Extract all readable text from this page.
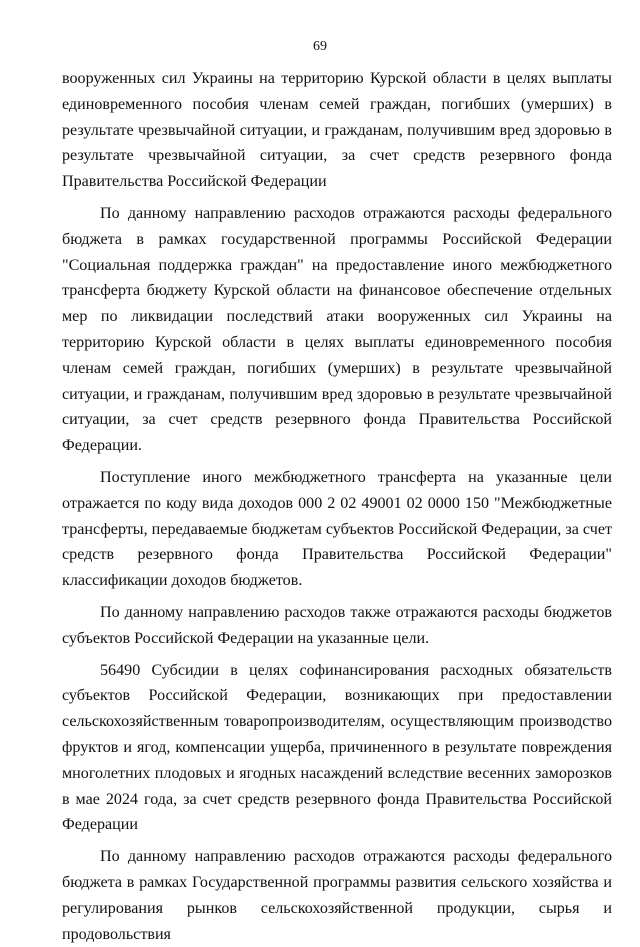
69

вооруженных сил Украины на территорию Курской области в целях выплаты единовременного пособия членам семей граждан, погибших (умерших) в результате чрезвычайной ситуации, и гражданам, получившим вред здоровью в результате чрезвычайной ситуации, за счет средств резервного фонда Правительства Российской Федерации

По данному направлению расходов отражаются расходы федерального бюджета в рамках государственной программы Российской Федерации "Социальная поддержка граждан" на предоставление иного межбюджетного трансферта бюджету Курской области на финансовое обеспечение отдельных мер по ликвидации последствий атаки вооруженных сил Украины на территорию Курской области в целях выплаты единовременного пособия членам семей граждан, погибших (умерших) в результате чрезвычайной ситуации, и гражданам, получившим вред здоровью в результате чрезвычайной ситуации, за счет средств резервного фонда Правительства Российской Федерации.

Поступление иного межбюджетного трансферта на указанные цели отражается по коду вида доходов 000 2 02 49001 02 0000 150 "Межбюджетные трансферты, передаваемые бюджетам субъектов Российской Федерации, за счет средств резервного фонда Правительства Российской Федерации" классификации доходов бюджетов.

По данному направлению расходов также отражаются расходы бюджетов субъектов Российской Федерации на указанные цели.

56490 Субсидии в целях софинансирования расходных обязательств субъектов Российской Федерации, возникающих при предоставлении сельскохозяйственным товаропроизводителям, осуществляющим производство фруктов и ягод, компенсации ущерба, причиненного в результате повреждения многолетних плодовых и ягодных насаждений вследствие весенних заморозков в мае 2024 года, за счет средств резервного фонда Правительства Российской Федерации

По данному направлению расходов отражаются расходы федерального бюджета в рамках Государственной программы развития сельского хозяйства и регулирования рынков сельскохозяйственной продукции, сырья и продовольствия
